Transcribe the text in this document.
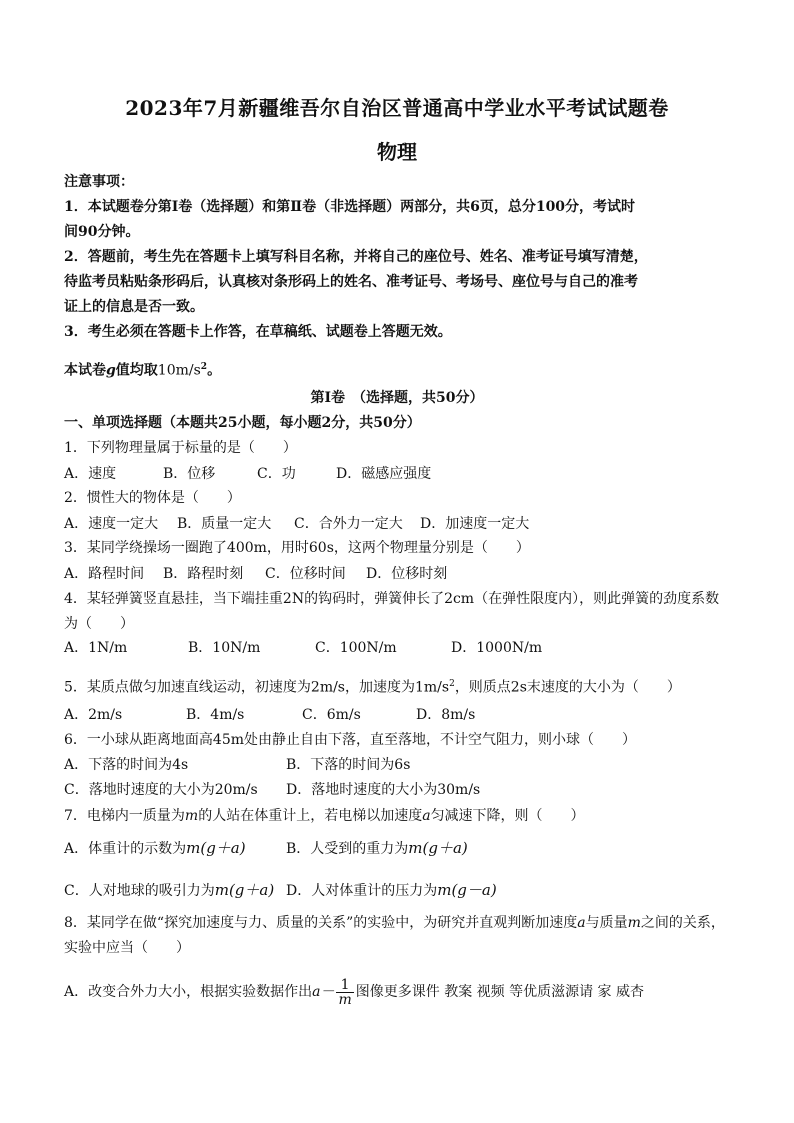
2023年7月新疆维吾尔自治区普通高中学业水平考试试题卷
物理
注意事项：
1．本试题卷分第Ⅰ卷（选择题）和第Ⅱ卷（非选择题）两部分，共6页，总分100分，考试时
间90分钟。
2．答题前，考生先在答题卡上填写科目名称，并将自己的座位号、姓名、准考证号填写清楚，
待监考员粘贴条形码后，认真核对条形码上的姓名、准考证号、考场号、座位号与自己的准考
证上的信息是否一致。
3．考生必须在答题卡上作答，在草稿纸、试题卷上答题无效。
本试卷g值均取$10m/s^2$。
第Ⅰ卷　（选择题，共50分）
一、单项选择题（本题共25小题，每小题2分，共50分）
1．下列物理量属于标量的是（　　）
A．速度	B．位移	C．功	D．磁感应强度
2．惯性大的物体是（　　）
A．速度一定大 B．质量一定大 C．合外力一定大 D．加速度一定大
3．某同学绕操场一圈跑了400m，用时60s，这两个物理量分别是（　　）
A．路程时间 B．路程时刻 C．位移时间 D．位移时刻
4．某轻弹簧竖直悬挂，当下端挂重2N的钩码时，弹簧伸长了2cm（在弹性限度内），则此弹簧的劲度系数
为（　　）
A．1N/m	B．10N/m	C．100N/m	D．1000N/m
5．某质点做匀加速直线运动，初速度为2m/s，加速度为$1m/s^2$，则质点2s末速度的大小为（　　）
A．2m/s	B．4m/s	C．6m/s	D．8m/s
6．一小球从距离地面高45m处由静止自由下落，直至落地，不计空气阻力，则小球（　　）
A．下落的时间为4s	B．下落的时间为6s
C．落地时速度的大小为20m/s D．落地时速度的大小为30m/s
7．电梯内一质量为m的人站在体重计上，若电梯以加速度a匀减速下降，则（　　）
A．体重计的示数为m(g＋a)	B．人受到的重力为m(g＋a)
C．人对地球的吸引力为m(g＋a) D．人对体重计的压力为m(g－a)
8．某同学在做“探究加速度与力、质量的关系”的实验中，为研究并直观判断加速度a与质量m之间的关系，
实验中应当（　　）
A．改变合外力大小，根据实验数据作出$a- \frac{1}{m}$ 图像更多课件 教案 视频 等优质滋源请 家 威杏
